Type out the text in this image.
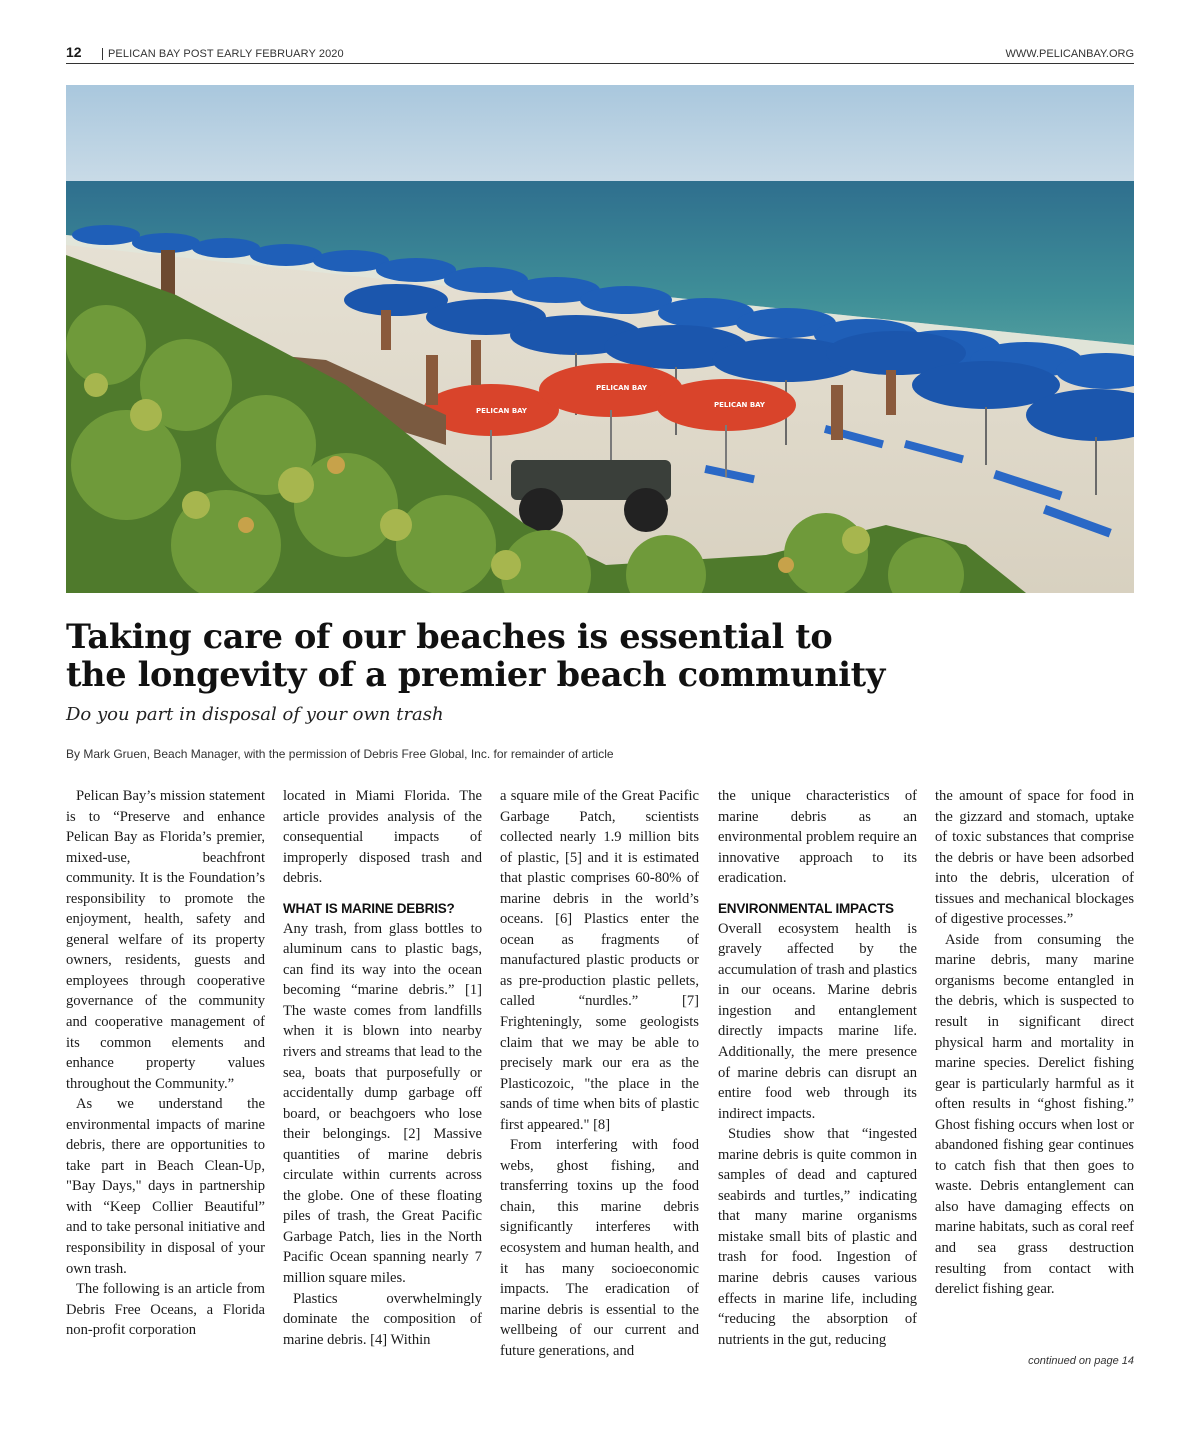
12	PELICAN BAY POST EARLY FEBRUARY 2020	WWW.PELICANBAY.ORG
PELICAN BAY
PELICAN BAY
PELICAN BAY
Taking care of our beaches is essential to
the longevity of a premier beach community
Do you part in disposal of your own trash
By Mark Gruen, Beach Manager, with the permission of Debris Free Global, Inc. for remainder of article

Pelican Bay’s mission statement is to “Preserve and enhance Pelican Bay as Florida’s premier, mixed-use, beachfront community. It is the Foundation’s responsibility to promote the enjoyment, health, safety and general welfare of its property owners, residents, guests and employees through cooperative governance of the community and cooperative management of its common elements and enhance property values throughout the Community.”

As we understand the environmental impacts of marine debris, there are opportunities to take part in Beach Clean-Up, "Bay Days," days in partnership with “Keep Collier Beautiful” and to take personal initiative and responsibility in disposal of your own trash.

The following is an article from Debris Free Oceans, a Florida non-profit corporation

located in Miami Florida. The article provides analysis of the consequential impacts of improperly disposed trash and debris.

WHAT IS MARINE DEBRIS?

Any trash, from glass bottles to aluminum cans to plastic bags, can find its way into the ocean becoming “marine debris.” [1] The waste comes from landfills when it is blown into nearby rivers and streams that lead to the sea, boats that purposefully or accidentally dump garbage off board, or beachgoers who lose their belongings. [2] Massive quantities of marine debris circulate within currents across the globe. One of these floating piles of trash, the Great Pacific Garbage Patch, lies in the North Pacific Ocean spanning nearly 7 million square miles.

Plastics overwhelmingly dominate the composition of marine debris. [4] Within

a square mile of the Great Pacific Garbage Patch, scientists collected nearly 1.9 million bits of plastic, [5] and it is estimated that plastic comprises 60-80% of marine debris in the world’s oceans. [6] Plastics enter the ocean as fragments of manufactured plastic products or as pre-production plastic pellets, called “nurdles.” [7] Frighteningly, some geologists claim that we may be able to precisely mark our era as the Plasticozoic, "the place in the sands of time when bits of plastic first appeared." [8]

From interfering with food webs, ghost fishing, and transferring toxins up the food chain, this marine debris significantly interferes with ecosystem and human health, and it has many socioeconomic impacts. The eradication of marine debris is essential to the wellbeing of our current and future generations, and

the unique characteristics of marine debris as an environmental problem require an innovative approach to its eradication.

ENVIRONMENTAL IMPACTS

Overall ecosystem health is gravely affected by the accumulation of trash and plastics in our oceans. Marine debris ingestion and entanglement directly impacts marine life. Additionally, the mere presence of marine debris can disrupt an entire food web through its indirect impacts.

Studies show that “ingested marine debris is quite common in samples of dead and captured seabirds and turtles,” indicating that many marine organisms mistake small bits of plastic and trash for food. Ingestion of marine debris causes various effects in marine life, including “reducing the absorption of nutrients in the gut, reducing

the amount of space for food in the gizzard and stomach, uptake of toxic substances that comprise the debris or have been adsorbed into the debris, ulceration of tissues and mechanical blockages of digestive processes.”

Aside from consuming the marine debris, many marine organisms become entangled in the debris, which is suspected to result in significant direct physical harm and mortality in marine species. Derelict fishing gear is particularly harmful as it often results in “ghost fishing.” Ghost fishing occurs when lost or abandoned fishing gear continues to catch fish that then goes to waste. Debris entanglement can also have damaging effects on marine habitats, such as coral reef and sea grass destruction resulting from contact with derelict fishing gear.

continued on page 14
